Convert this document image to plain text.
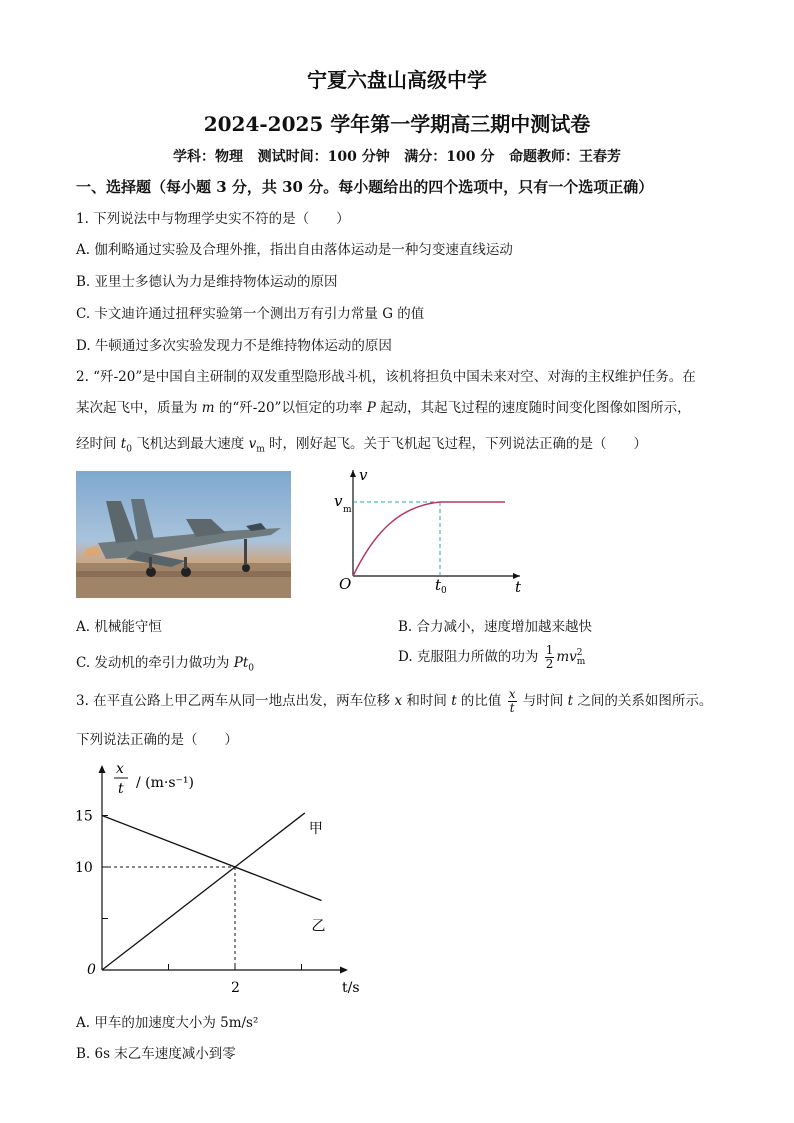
宁夏六盘山高级中学
2024-2025 学年第一学期高三期中测试卷
学科：物理   测试时间：100 分钟   满分：100 分   命题教师：王春芳
一、选择题（每小题 3 分，共 30 分。每小题给出的四个选项中，只有一个选项正确）
1. 下列说法中与物理学史实不符的是（　　）
A. 伽利略通过实验及合理外推，指出自由落体运动是一种匀变速直线运动
B. 亚里士多德认为力是维持物体运动的原因
C. 卡文迪许通过扭秤实验第一个测出万有引力常量 G 的值
D. 牛顿通过多次实验发现力不是维持物体运动的原因
2. “歼-20”是中国自主研制的双发重型隐形战斗机，该机将担负中国未来对空、对海的主权维护任务。在
某次起飞中，质量为 m 的“歼-20”以恒定的功率 P 起动，其起飞过程的速度随时间变化图像如图所示，
经时间 $t_0$ 飞机达到最大速度 $v_m$ 时，刚好起飞。关于飞机起飞过程，下列说法正确的是（　　）
v
t
O
v m
t 0
A. 机械能守恒	B. 合力减小，速度增加越来越快
C. 发动机的牵引力做功为 $Pt_0$
D. 克服阻力所做的功为 $\frac{1}{2}$ mv 2
m
3. 在平直公路上甲乙两车从同一地点出发，两车位移 x 和时间 t 的比值 $\frac{x}{t}$ 与时间 t 之间的关系如图所示。
下列说法正确的是（　　）
x
t / (m·s⁻¹)
t/s
0
15
10
2
甲
乙
A. 甲车的加速度大小为 5m/s²
B. 6s 末乙车速度减小到零
